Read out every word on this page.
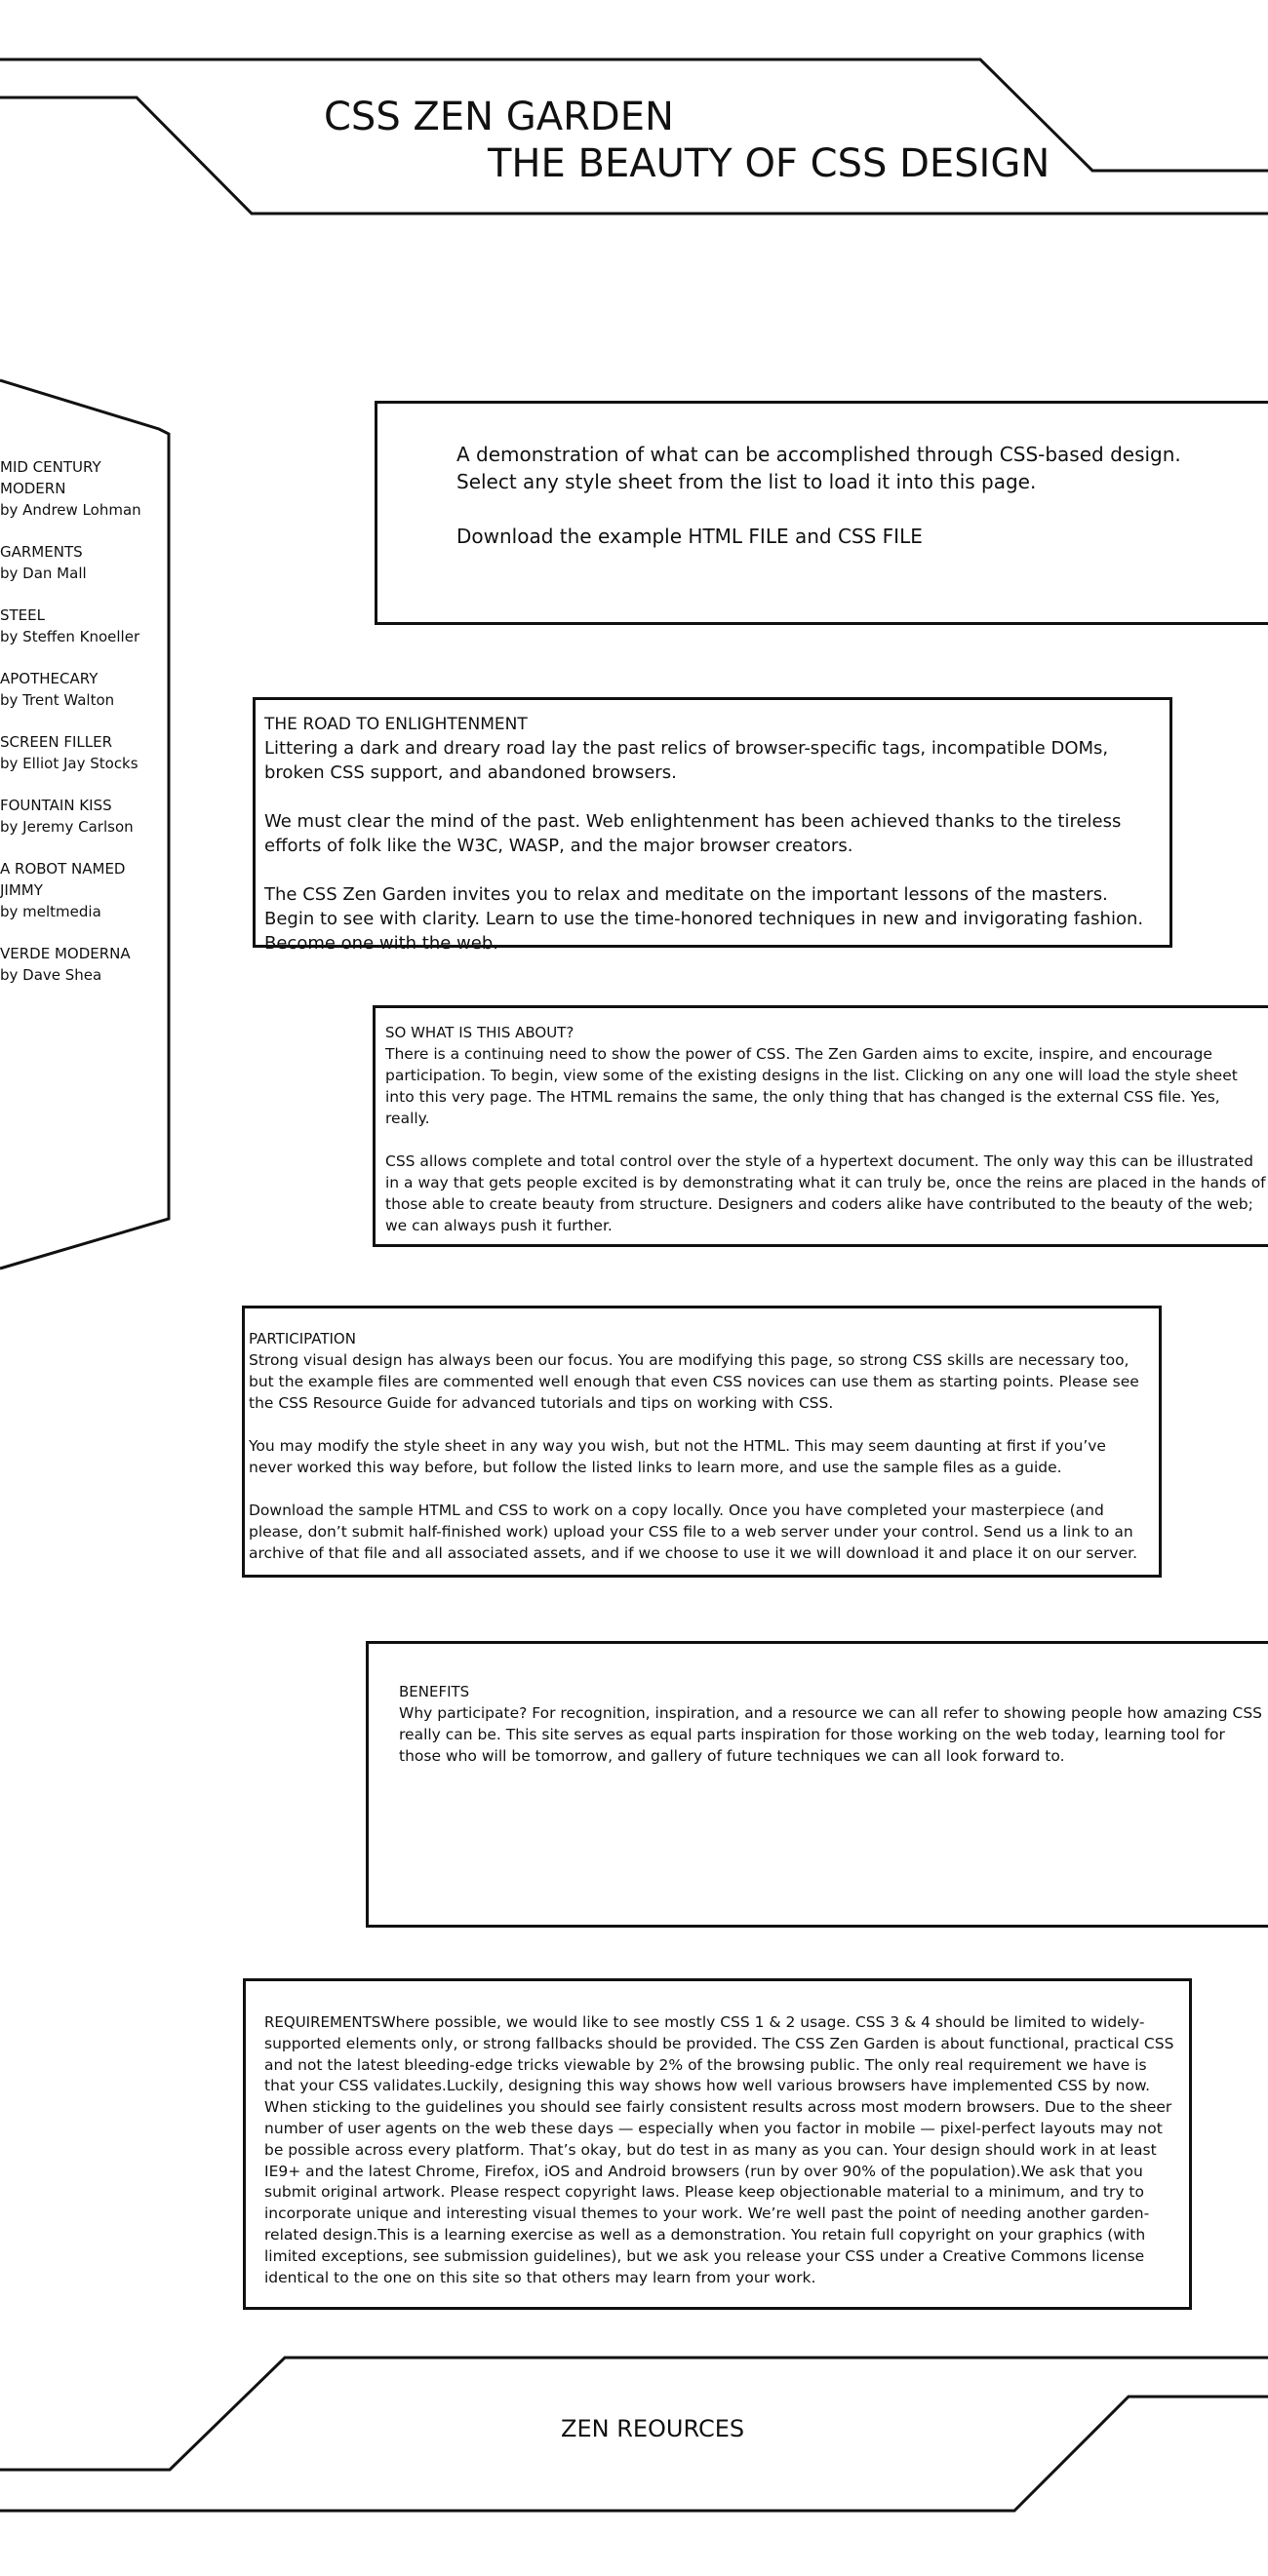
CSS ZEN GARDEN
THE BEAUTY OF CSS DESIGN
MID CENTURY MODERN
by Andrew Lohman
GARMENTS
by Dan Mall
STEEL
by Steffen Knoeller
APOTHECARY
by Trent Walton
SCREEN FILLER
by Elliot Jay Stocks
FOUNTAIN KISS
by Jeremy Carlson
A ROBOT NAMED JIMMY
by meltmedia
VERDE MODERNA
by Dave Shea

A demonstration of what can be accomplished through CSS-based design. Select any style sheet from the list to load it into this page.

Download the example HTML FILE and CSS FILE

THE ROAD TO ENLIGHTENMENT

Littering a dark and dreary road lay the past relics of browser-specific tags, incompatible DOMs, broken CSS support, and abandoned browsers.

We must clear the mind of the past. Web enlightenment has been achieved thanks to the tireless efforts of folk like the W3C, WASP, and the major browser creators.

The CSS Zen Garden invites you to relax and meditate on the important lessons of the masters. Begin to see with clarity. Learn to use the time-honored techniques in new and invigorating fashion. Become one with the web.

SO WHAT IS THIS ABOUT?

There is a continuing need to show the power of CSS. The Zen Garden aims to excite, inspire, and encourage participation. To begin, view some of the existing designs in the list. Clicking on any one will load the style sheet into this very page. The HTML remains the same, the only thing that has changed is the external CSS file. Yes, really.

CSS allows complete and total control over the style of a hypertext document. The only way this can be illustrated in a way that gets people excited is by demonstrating what it can truly be, once the reins are placed in the hands of those able to create beauty from structure. Designers and coders alike have contributed to the beauty of the web; we can always push it further.

PARTICIPATION

Strong visual design has always been our focus. You are modifying this page, so strong CSS skills are necessary too, but the example files are commented well enough that even CSS novices can use them as starting points. Please see the CSS Resource Guide for advanced tutorials and tips on working with CSS.

You may modify the style sheet in any way you wish, but not the HTML. This may seem daunting at first if you’ve never worked this way before, but follow the listed links to learn more, and use the sample files as a guide.

Download the sample HTML and CSS to work on a copy locally. Once you have completed your masterpiece (and please, don’t submit half-finished work) upload your CSS file to a web server under your control. Send us a link to an archive of that file and all associated assets, and if we choose to use it we will download it and place it on our server.

BENEFITS

Why participate? For recognition, inspiration, and a resource we can all refer to showing people how amazing CSS really can be. This site serves as equal parts inspiration for those working on the web today, learning tool for those who will be tomorrow, and gallery of future techniques we can all look forward to.

REQUIREMENTSWhere possible, we would like to see mostly CSS 1 & 2 usage. CSS 3 & 4 should be limited to widely-supported elements only, or strong fallbacks should be provided. The CSS Zen Garden is about functional, practical CSS and not the latest bleeding-edge tricks viewable by 2% of the browsing public. The only real requirement we have is that your CSS validates.Luckily, designing this way shows how well various browsers have implemented CSS by now. When sticking to the guidelines you should see fairly consistent results across most modern browsers. Due to the sheer number of user agents on the web these days — especially when you factor in mobile — pixel-perfect layouts may not be possible across every platform. That’s okay, but do test in as many as you can. Your design should work in at least IE9+ and the latest Chrome, Firefox, iOS and Android browsers (run by over 90% of the population).We ask that you submit original artwork. Please respect copyright laws. Please keep objectionable material to a minimum, and try to incorporate unique and interesting visual themes to your work. We’re well past the point of needing another garden-related design.This is a learning exercise as well as a demonstration. You retain full copyright on your graphics (with limited exceptions, see submission guidelines), but we ask you release your CSS under a Creative Commons license identical to the one on this site so that others may learn from your work.

ZEN REOURCES
